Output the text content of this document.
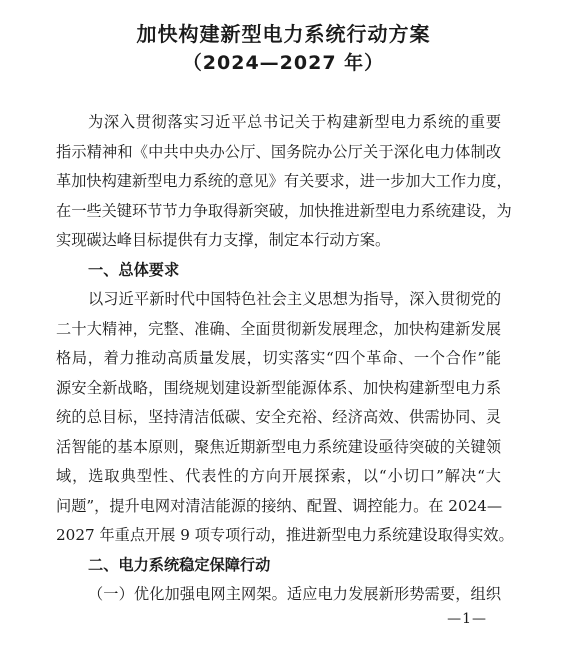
加快构建新型电力系统行动方案
（2024—2027 年）
为深入贯彻落实习近平总书记关于构建新型电力系统的重要
指示精神和《中共中央办公厅、国务院办公厅关于深化电力体制改
革加快构建新型电力系统的意见》有关要求，进一步加大工作力度，
在一些关键环节节力争取得新突破，加快推进新型电力系统建设，为
实现碳达峰目标提供有力支撑，制定本行动方案。
一、总体要求
以习近平新时代中国特色社会主义思想为指导，深入贯彻党的
二十大精神，完整、准确、全面贯彻新发展理念，加快构建新发展
格局，着力推动高质量发展，切实落实“四个革命、一个合作”能
源安全新战略，围绕规划建设新型能源体系、加快构建新型电力系
统的总目标，坚持清洁低碳、安全充裕、经济高效、供需协同、灵
活智能的基本原则，聚焦近期新型电力系统建设亟待突破的关键领
域，选取典型性、代表性的方向开展探索，以“小切口”解决“大
问题”，提升电网对清洁能源的接纳、配置、调控能力。在 2024—
2027 年重点开展 9 项专项行动，推进新型电力系统建设取得实效。
二、电力系统稳定保障行动
（一）优化加强电网主网架。适应电力发展新形势需要，组织
—1—
